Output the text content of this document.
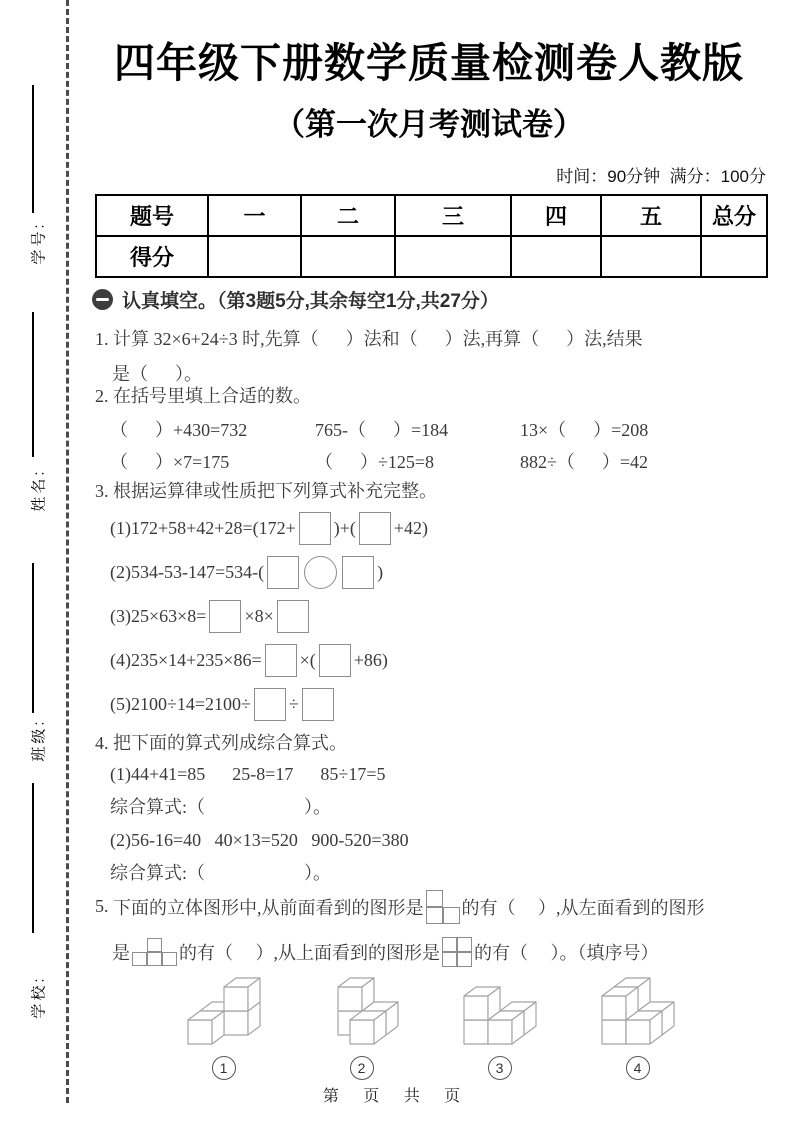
学号:
姓名:
班级:
学校:
四年级下册数学质量检测卷人教版
（第一次月考测试卷）
时间：90分钟  满分：100分
题号	一	二	三	四	五	总分
得分						
认真填空。（第3题5分,其余每空1分,共27分）
1. 计算 32×6+24÷3 时,先算（      ）法和（      ）法,再算（      ）法,结果
是（      ）。
2. 在括号里填上合适的数。
（      ）+430=732	765-（      ）=184	13×（      ）=208
（      ）×7=175	（      ）÷125=8	882÷（      ）=42
3. 根据运算律或性质把下列算式补充完整。
(1)172+58+42+28=(172+ )+( +42)
(2)534-53-147=534-(	)
(3)25×63×8= ×8×
(4)235×14+235×86= ×( +86)
(5)2100÷14=2100÷ ÷
4. 把下面的算式列成综合算式。
(1)44+41=85      25-8=17      85÷17=5
综合算式:（                      ）。
(2)56-16=40   40×13=520   900-520=380
综合算式:（                      ）。
5.
下面的立体图形中,从前面看到的图形是 的有（     ）,从左面看到的图形
是	的有（     ）,从上面看到的图形是 的有（     ）。（填序号）
1	2	3	4
第 页 共 页
